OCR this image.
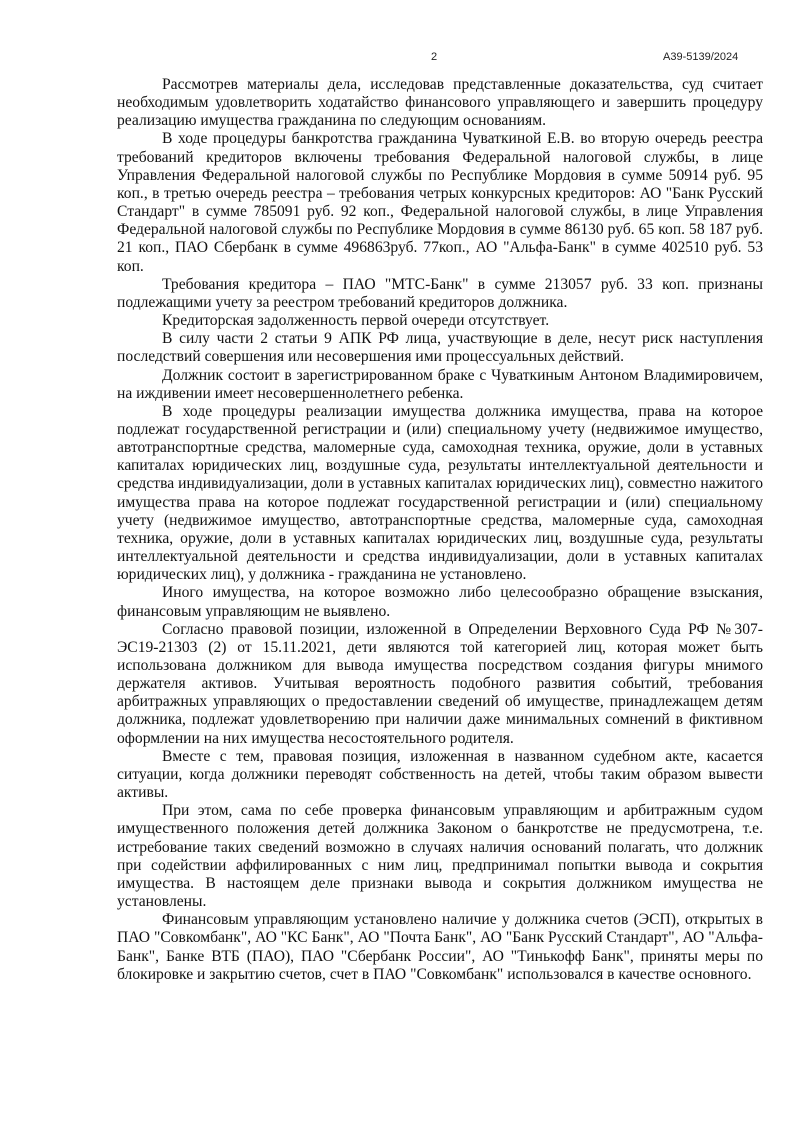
2	А39-5139/2024

Рассмотрев материалы дела, исследовав представленные доказательства, суд считает необходимым удовлетворить ходатайство финансового управляющего и завершить процедуру реализацию имущества гражданина по следующим основаниям.

В ходе процедуры банкротства гражданина Чуваткиной Е.В. во вторую очередь реестра требований кредиторов включены требования Федеральной налоговой службы, в лице Управления Федеральной налоговой службы по Республике Мордовия в сумме 50914 руб. 95 коп., в третью очередь реестра – требования четрых конкурсных кредиторов: АО "Банк Русский Стандарт" в сумме 785091 руб. 92 коп., Федеральной налоговой службы, в лице Управления Федеральной налоговой службы по Республике Мордовия в сумме 86130 руб. 65 коп. 58 187 руб. 21 коп., ПАО Сбербанк в сумме 496863руб. 77коп., АО "Альфа-Банк" в сумме 402510 руб. 53 коп.

Требования кредитора – ПАО "МТС-Банк" в сумме 213057 руб. 33 коп. признаны подлежащими учету за реестром требований кредиторов должника.

Кредиторская задолженность первой очереди отсутствует.

В силу части 2 статьи 9 АПК РФ лица, участвующие в деле, несут риск наступления последствий совершения или несовершения ими процессуальных действий.

Должник состоит в зарегистрированном браке с Чуваткиным Антоном Владимировичем, на иждивении имеет несовершеннолетнего ребенка.

В ходе процедуры реализации имущества должника имущества, права на которое подлежат государственной регистрации и (или) специальному учету (недвижимое имущество, автотранспортные средства, маломерные суда, самоходная техника, оружие, доли в уставных капиталах юридических лиц, воздушные суда, результаты интеллектуальной деятельности и средства индивидуализации, доли в уставных капиталах юридических лиц), совместно нажитого имущества права на которое подлежат государственной регистрации и (или) специальному учету (недвижимое имущество, автотранспортные средства, маломерные суда, самоходная техника, оружие, доли в уставных капиталах юридических лиц, воздушные суда, результаты интеллектуальной деятельности и средства индивидуализации, доли в уставных капиталах юридических лиц), у должника - гражданина не установлено.

Иного имущества, на которое возможно либо целесообразно обращение взыскания, финансовым управляющим не выявлено.

Согласно правовой позиции, изложенной в Определении Верховного Суда РФ №307-ЭС19-21303 (2) от 15.11.2021, дети являются той категорией лиц, которая может быть использована должником для вывода имущества посредством создания фигуры мнимого держателя активов. Учитывая вероятность подобного развития событий, требования арбитражных управляющих о предоставлении сведений об имуществе, принадлежащем детям должника, подлежат удовлетворению при наличии даже минимальных сомнений в фиктивном оформлении на них имущества несостоятельного родителя.

Вместе с тем, правовая позиция, изложенная в названном судебном акте, касается ситуации, когда должники переводят собственность на детей, чтобы таким образом вывести активы.

При этом, сама по себе проверка финансовым управляющим и арбитражным судом имущественного положения детей должника Законом о банкротстве не предусмотрена, т.е. истребование таких сведений возможно в случаях наличия оснований полагать, что должник при содействии аффилированных с ним лиц, предпринимал попытки вывода и сокрытия имущества. В настоящем деле признаки вывода и сокрытия должником имущества не установлены.

Финансовым управляющим установлено наличие у должника счетов (ЭСП), открытых в ПАО "Совкомбанк", АО "КС Банк", АО "Почта Банк", АО "Банк Русский Стандарт", АО "Альфа-Банк", Банке ВТБ (ПАО), ПАО "Сбербанк России", АО "Тинькофф Банк", приняты меры по блокировке и закрытию счетов, счет в ПАО "Совкомбанк" использовался в качестве основного.
